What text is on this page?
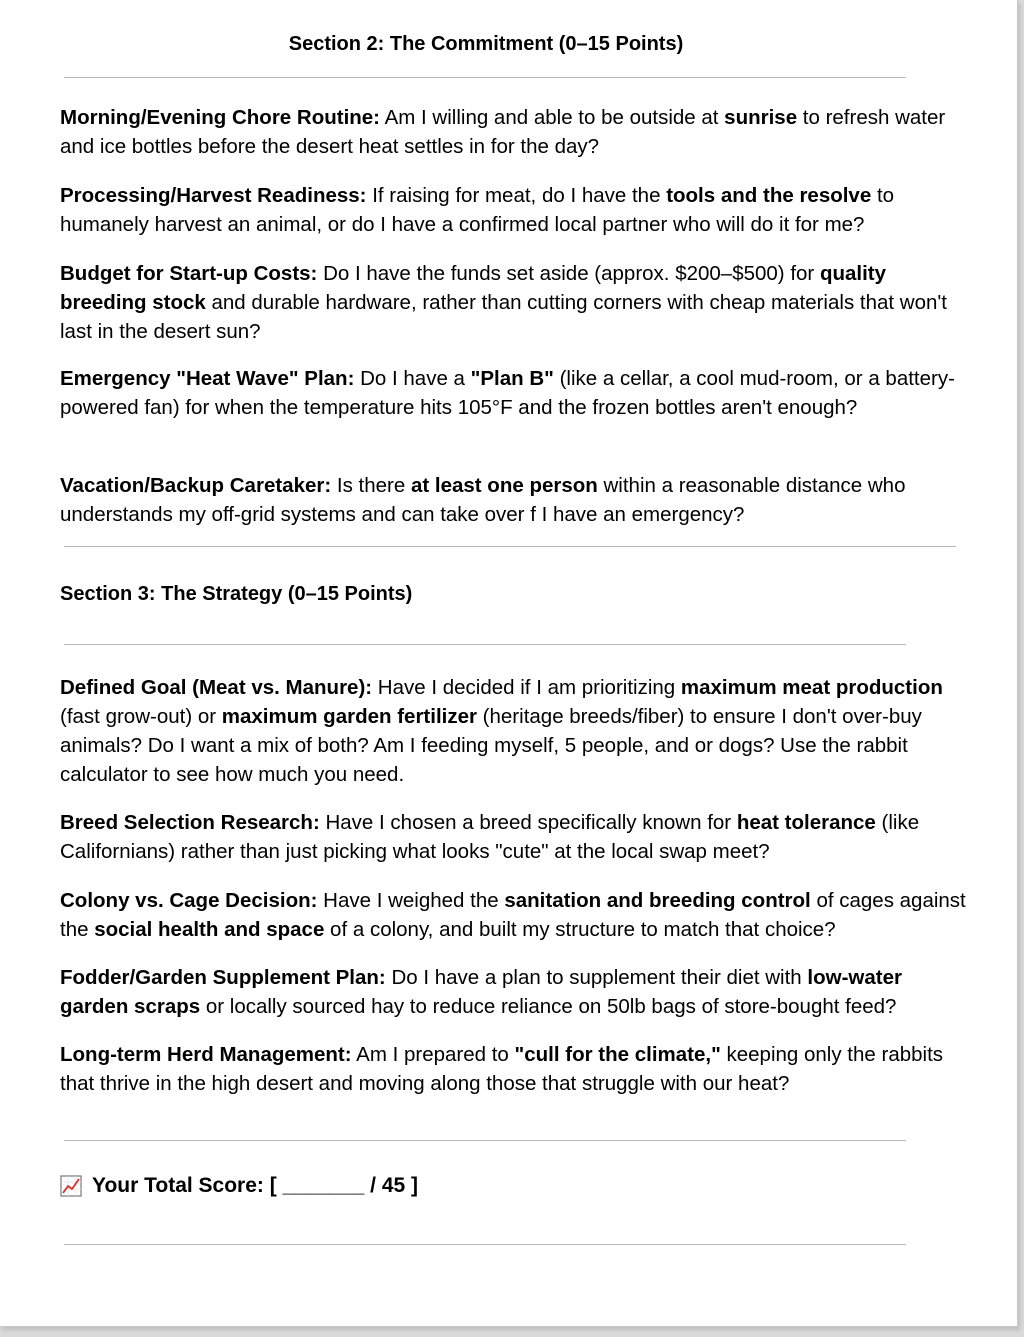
Section 2: The Commitment (0–15 Points)

Morning/Evening Chore Routine: Am I willing and able to be outside at sunrise to refresh water and ice bottles before the desert heat settles in for the day?

Processing/Harvest Readiness: If raising for meat, do I have the tools and the resolve to humanely harvest an animal, or do I have a confirmed local partner who will do it for me?

Budget for Start-up Costs: Do I have the funds set aside (approx. $200–$500) for quality breeding stock and durable hardware, rather than cutting corners with cheap materials that won't last in the desert sun?

Emergency "Heat Wave" Plan: Do I have a "Plan B" (like a cellar, a cool mud-room, or a battery-powered fan) for when the temperature hits 105°F and the frozen bottles aren't enough?

Vacation/Backup Caretaker: Is there at least one person within a reasonable distance who understands my off-grid systems and can take over f I have an emergency?

Section 3: The Strategy (0–15 Points)

Defined Goal (Meat vs. Manure): Have I decided if I am prioritizing maximum meat production (fast grow-out) or maximum garden fertilizer (heritage breeds/fiber) to ensure I don't over-buy animals? Do I want a mix of both? Am I feeding myself, 5 people, and or dogs? Use the rabbit calculator to see how much you need.

Breed Selection Research: Have I chosen a breed specifically known for heat tolerance (like Californians) rather than just picking what looks "cute" at the local swap meet?

Colony vs. Cage Decision: Have I weighed the sanitation and breeding control of cages against the social health and space of a colony, and built my structure to match that choice?

Fodder/Garden Supplement Plan: Do I have a plan to supplement their diet with low-water garden scraps or locally sourced hay to reduce reliance on 50lb bags of store-bought feed?

Long-term Herd Management: Am I prepared to "cull for the climate," keeping only the rabbits that thrive in the high desert and moving along those that struggle with our heat?

Your Total Score: [ _______ / 45 ]
